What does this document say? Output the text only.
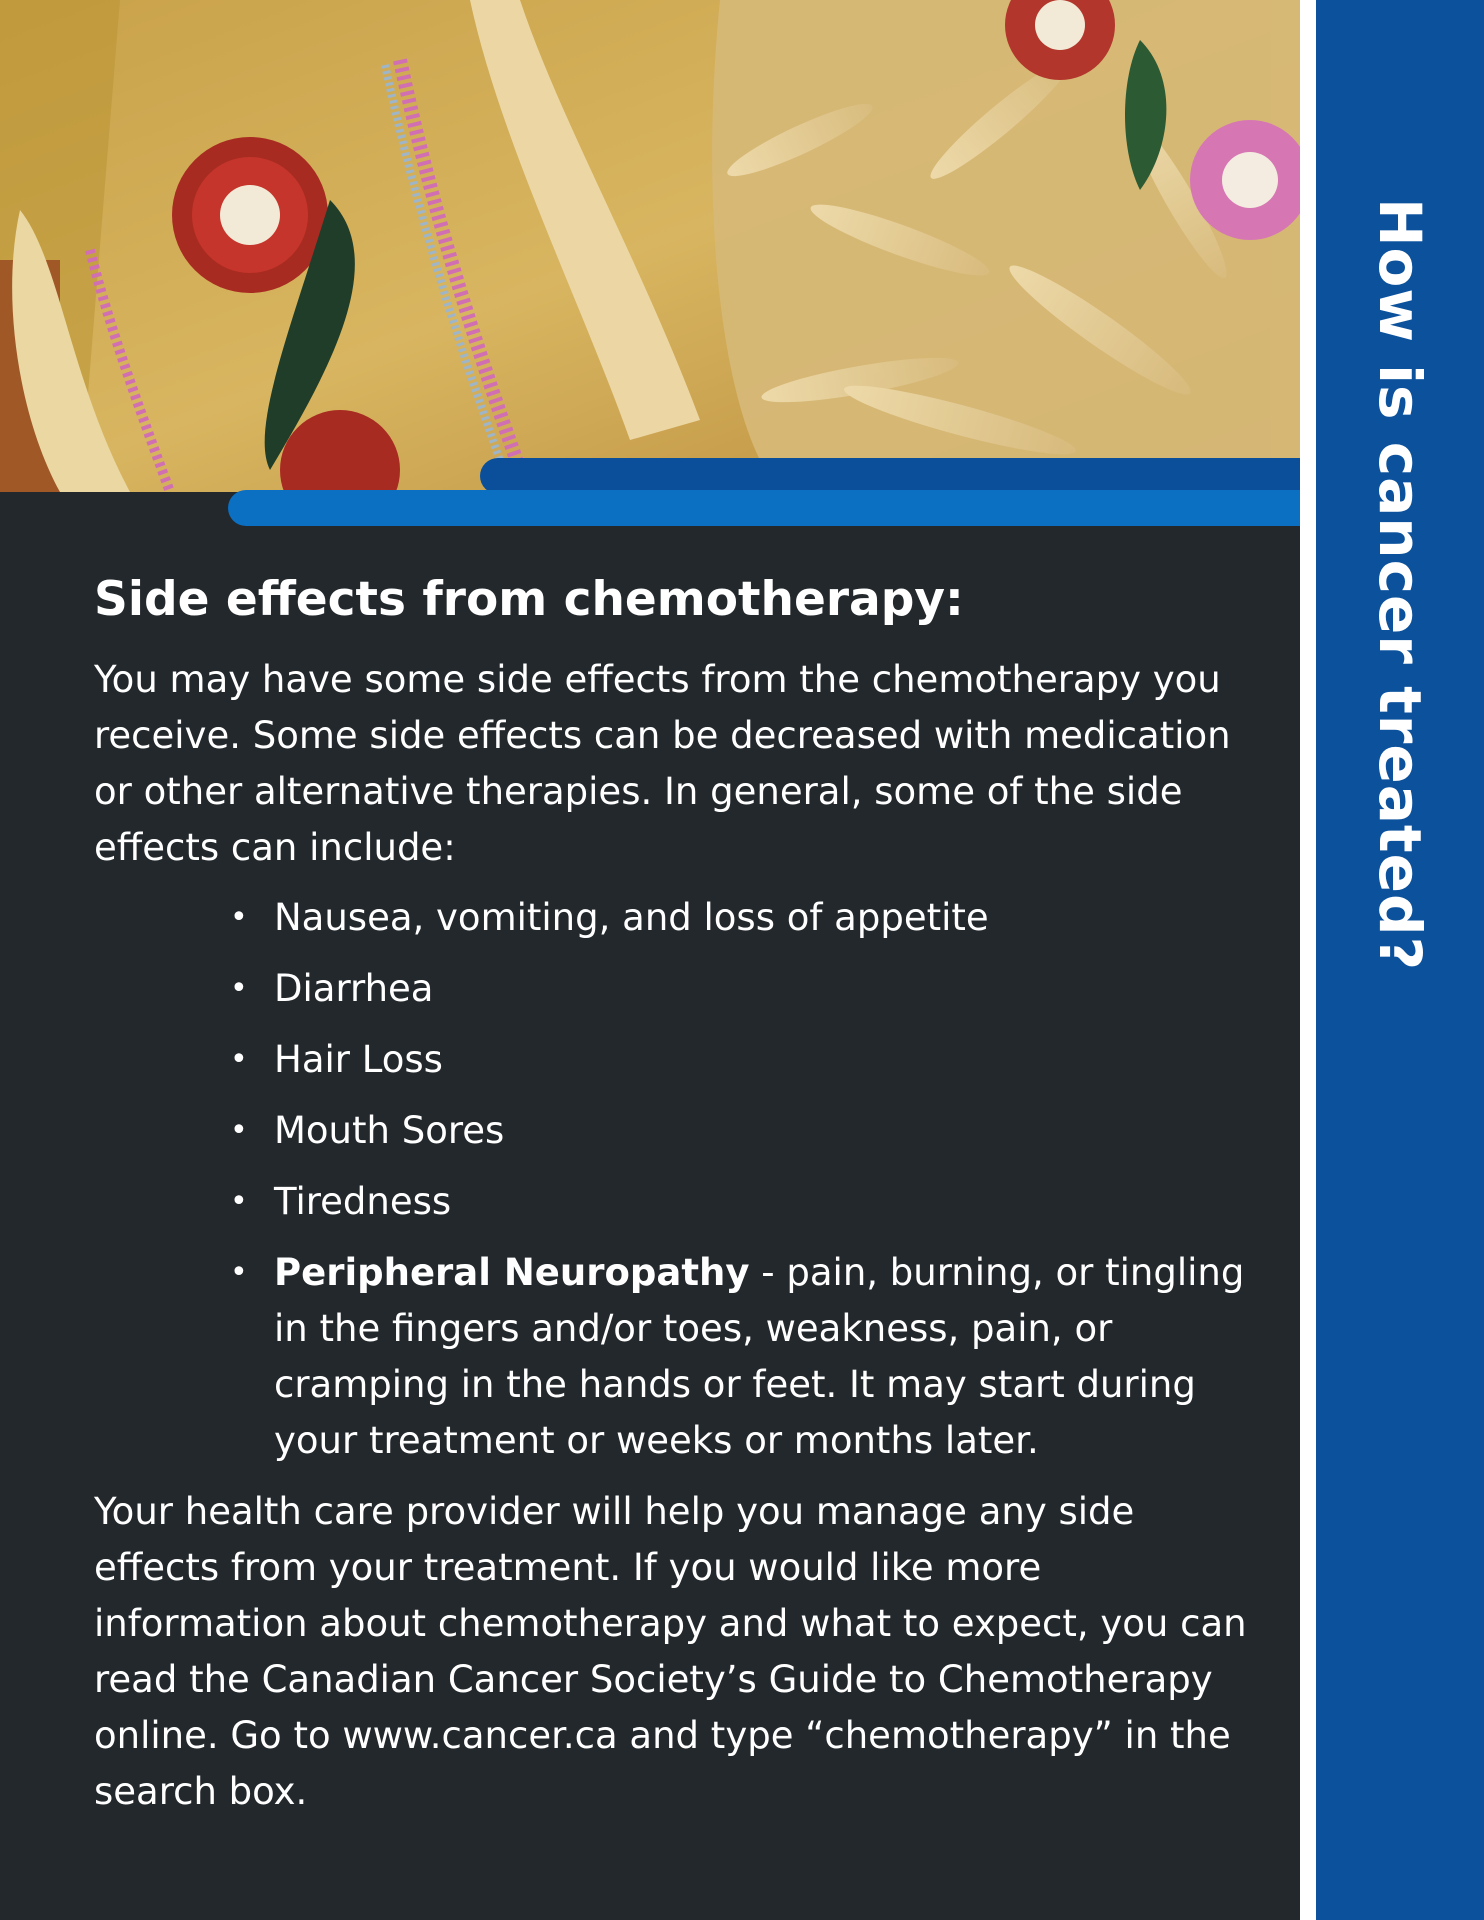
How is cancer treated?
Side effects from chemotherapy:

You may have some side effects from the chemotherapy you receive. Some side effects can be decreased with medication or other alternative therapies. In general, some of the side effects can include:

• Nausea, vomiting, and loss of appetite
• Diarrhea
• Hair Loss
• Mouth Sores
• Tiredness
• Peripheral Neuropathy - pain, burning, or tingling in the fingers and/or toes, weakness, pain, or cramping in the hands or feet. It may start during your treatment or weeks or months later.

Your health care provider will help you manage any side effects from your treatment. If you would like more information about chemotherapy and what to expect, you can read the Canadian Cancer Society’s Guide to Chemotherapy online. Go to www.cancer.ca and type “chemotherapy” in the search box.
